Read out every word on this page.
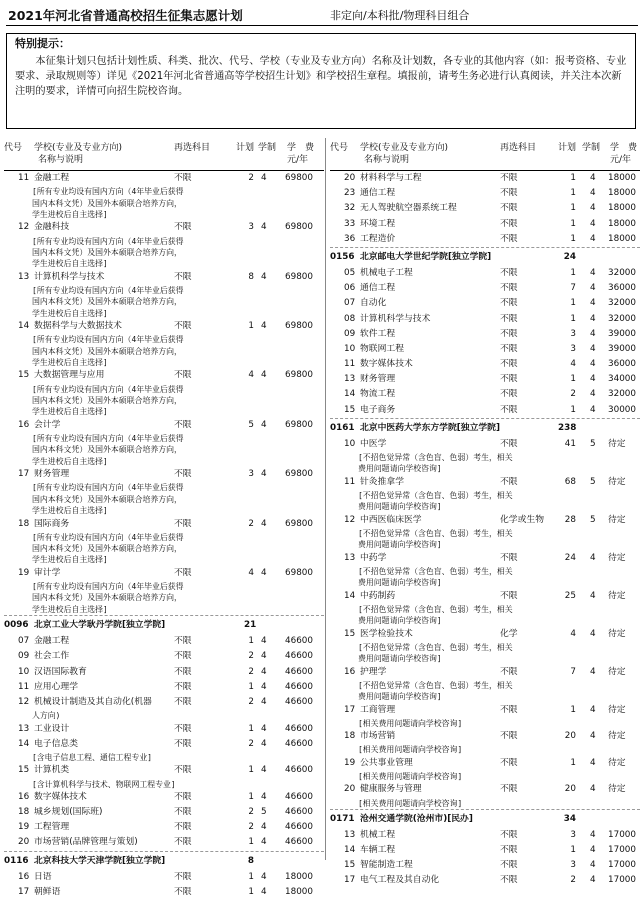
2021年河北省普通高校招生征集志愿计划	非定向/本科批/物理科目组合
特别提示：

本征集计划只包括计划性质、科类、批次、代号、学校（专业及专业方向）名称及计划数，各专业的其他内容（如：报考资格、专业要求、录取规则等）详见《2021年河北省普通高等学校招生计划》和学校招生章程。填报前，请考生务必进行认真阅读，并关注本次新注明的要求，详情可向招生院校咨询。

代号 学校(专业及专业方向)
名称与说明
再选科目	计划 学制 学　费
元/年
11 金融工程	不限	2 4 69800
[所有专业均设有国内方向（4年毕业后获得
国内本科文凭）及国外本硕联合培养方向，
学生进校后自主选择]
12 金融科技	不限	3 4 69800
[所有专业均设有国内方向（4年毕业后获得
国内本科文凭）及国外本硕联合培养方向，
学生进校后自主选择]
13 计算机科学与技术	不限	8 4 69800
[所有专业均设有国内方向（4年毕业后获得
国内本科文凭）及国外本硕联合培养方向，
学生进校后自主选择]
14 数据科学与大数据技术	不限	1 4 69800
[所有专业均设有国内方向（4年毕业后获得
国内本科文凭）及国外本硕联合培养方向，
学生进校后自主选择]
15 大数据管理与应用	不限	4 4 69800
[所有专业均设有国内方向（4年毕业后获得
国内本科文凭）及国外本硕联合培养方向，
学生进校后自主选择]
16 会计学	不限	5 4 69800
[所有专业均设有国内方向（4年毕业后获得
国内本科文凭）及国外本硕联合培养方向，
学生进校后自主选择]
17 财务管理	不限	3 4 69800
[所有专业均设有国内方向（4年毕业后获得
国内本科文凭）及国外本硕联合培养方向，
学生进校后自主选择]
18 国际商务	不限	2 4 69800
[所有专业均设有国内方向（4年毕业后获得
国内本科文凭）及国外本硕联合培养方向，
学生进校后自主选择]
19 审计学	不限	4 4 69800
[所有专业均设有国内方向（4年毕业后获得
国内本科文凭）及国外本硕联合培养方向，
学生进校后自主选择]
0096 北京工业大学耿丹学院[独立学院]	21
07 金融工程	不限	1 4 46600
09 社会工作	不限	2 4 46600
10 汉语国际教育	不限	2 4 46600
11 应用心理学	不限	1 4 46600
12 机械设计制造及其自动化(机器	不限	2 4 46600
人方向)
13 工业设计	不限	1 4 46600
14 电子信息类	不限	2 4 46600
[含电子信息工程、通信工程专业]
15 计算机类	不限	1 4 46600
[含计算机科学与技术、物联网工程专业]
16 数字媒体技术	不限	1 4 46600
18 城乡规划(国际班)	不限	2 5 46600
19 工程管理	不限	2 4 46600
20 市场营销(品牌管理与策划)	不限	1 4 46600
0116 北京科技大学天津学院[独立学院]	8
16 日语	不限	1 4 18000
17 朝鲜语	不限	1 4 18000
代号 学校(专业及专业方向)
名称与说明
再选科目 计划 学制 学　费
元/年
20 材料科学与工程	不限	1 4 18000
23 通信工程	不限	1 4 18000
32 无人驾驶航空器系统工程	不限	1 4 18000
33 环境工程	不限	1 4 18000
36 工程造价	不限	1 4 18000
0156 北京邮电大学世纪学院[独立学院]	24
05 机械电子工程	不限	1 4 32000
06 通信工程	不限	7 4 36000
07 自动化	不限	1 4 32000
08 计算机科学与技术	不限	1 4 32000
09 软件工程	不限	3 4 39000
10 物联网工程	不限	3 4 39000
11 数字媒体技术	不限	4 4 36000
13 财务管理	不限	1 4 34000
14 物流工程	不限	2 4 32000
15 电子商务	不限	1 4 30000
0161 北京中医药大学东方学院[独立学院]	238
10 中医学	不限	41 5 待定
[不招色觉异常（含色盲、色弱）考生，相关
费用问题请向学校咨询]
11 针灸推拿学	不限	68 5 待定
[不招色觉异常（含色盲、色弱）考生，相关
费用问题请向学校咨询]
12 中西医临床医学	化学或生物	28 5 待定
[不招色觉异常（含色盲、色弱）考生，相关
费用问题请向学校咨询]
13 中药学	不限	24 4 待定
[不招色觉异常（含色盲、色弱）考生，相关
费用问题请向学校咨询]
14 中药制药	不限	25 4 待定
[不招色觉异常（含色盲、色弱）考生，相关
费用问题请向学校咨询]
15 医学检验技术	化学	4 4 待定
[不招色觉异常（含色盲、色弱）考生，相关
费用问题请向学校咨询]
16 护理学	不限	7 4 待定
[不招色觉异常（含色盲、色弱）考生，相关
费用问题请向学校咨询]
17 工商管理	不限	1 4 待定
[相关费用问题请向学校咨询]
18 市场营销	不限	20 4 待定
[相关费用问题请向学校咨询]
19 公共事业管理	不限	1 4 待定
[相关费用问题请向学校咨询]
20 健康服务与管理	不限	20 4 待定
[相关费用问题请向学校咨询]
0171 沧州交通学院(沧州市)[民办]	34
13 机械工程	不限	3 4 17000
14 车辆工程	不限	1 4 17000
15 智能制造工程	不限	3 4 17000
17 电气工程及其自动化	不限	2 4 17000
